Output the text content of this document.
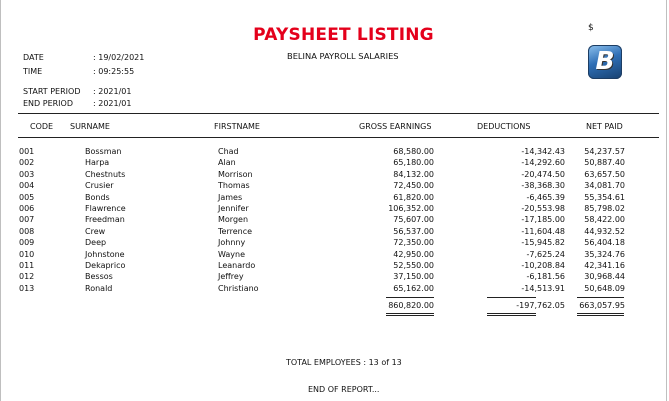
PAYSHEET LISTING	$
B
BELINA PAYROLL SALARIES
DATE	: 19/02/2021
TIME	: 09:25:55
START PERIOD : 2021/01
END PERIOD	: 2021/01
CODE SURNAME	FIRSTNAME	GROSS EARNINGS	DEDUCTIONS	NET PAID
001	Bossman	Chad	68,580.00	-14,342.43 54,237.57
002	Harpa	Alan	65,180.00	-14,292.60 50,887.40
003	Chestnuts	Morrison	84,132.00	-20,474.50 63,657.50
004	Crusier	Thomas	72,450.00	-38,368.30 34,081.70
005	Bonds	James	61,820.00	-6,465.39 55,354.61
006	Flawrence	Jennifer	106,352.00	-20,553.98 85,798.02
007	Freedman	Morgen	75,607.00	-17,185.00 58,422.00
008	Crew	Terrence	56,537.00	-11,604.48 44,932.52
009	Deep	Johnny	72,350.00	-15,945.82 56,404.18
010	Johnstone	Wayne	42,950.00	-7,625.24 35,324.76
011	Dekaprico	Leanardo	52,550.00	-10,208.84 42,341.16
012	Bessos	Jeffrey	37,150.00	-6,181.56 30,968.44
013	Ronald	Christiano	65,162.00	-14,513.91 50,648.09
860,820.00	-197,762.05 663,057.95
TOTAL EMPLOYEES : 13 of 13
END OF REPORT...
